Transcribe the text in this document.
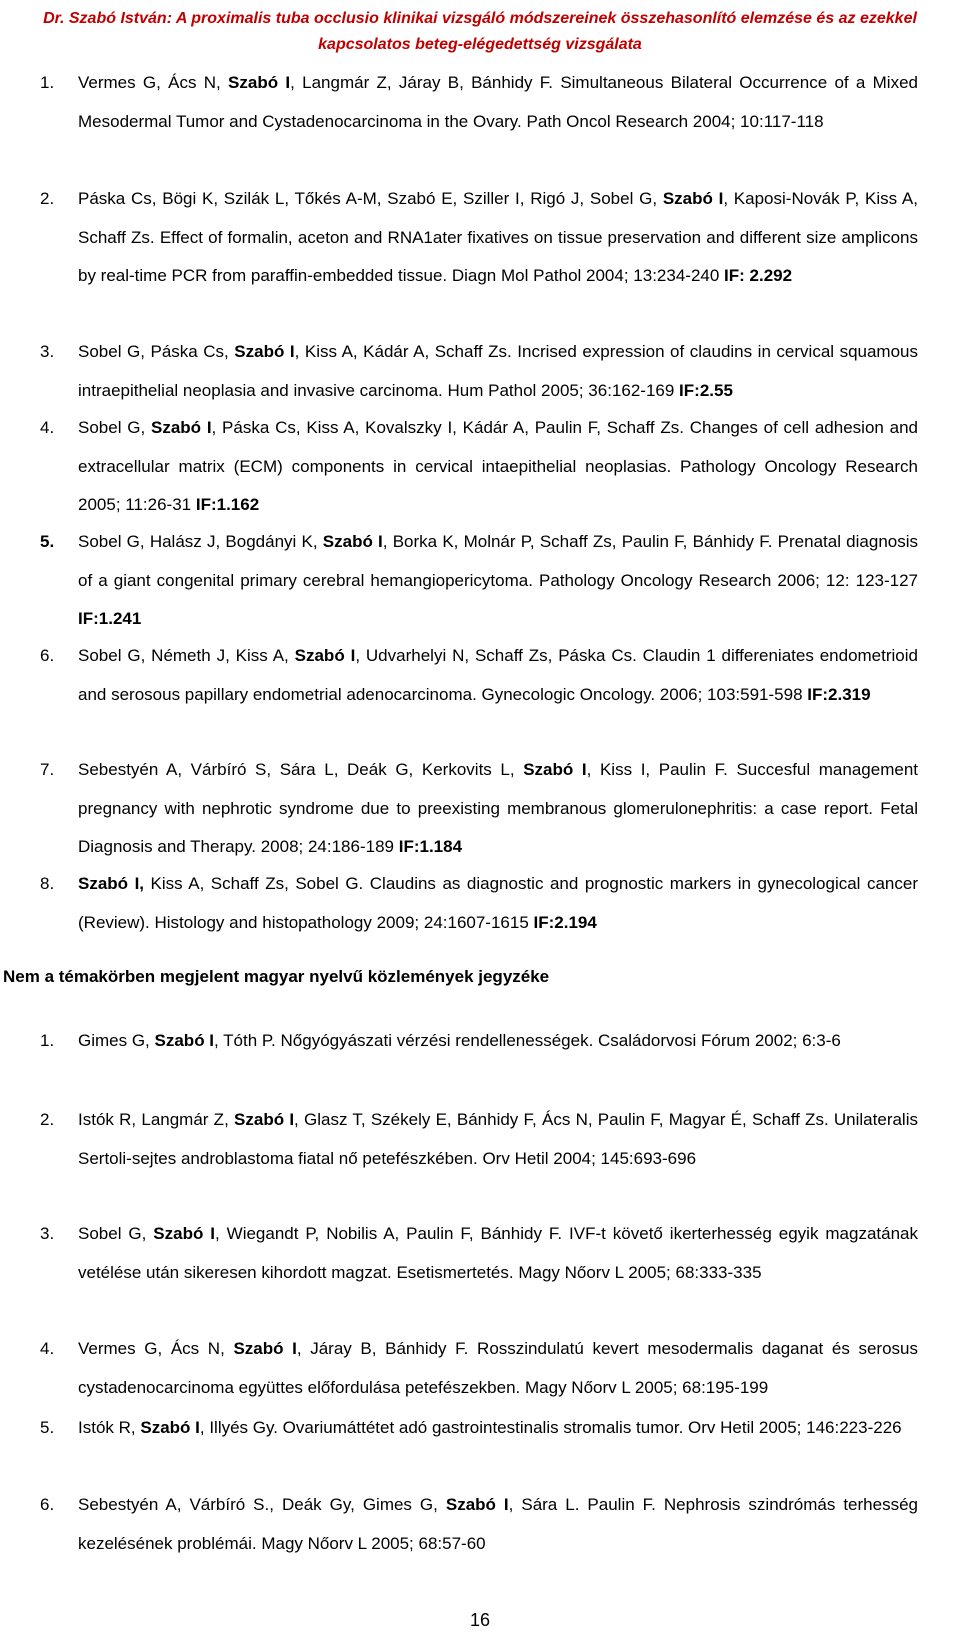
Dr. Szabó István: A proximalis tuba occlusio klinikai vizsgáló módszereinek összehasonlító elemzése és az ezekkel
kapcsolatos beteg-elégedettség vizsgálata
1.	Vermes G, Ács N, Szabó I, Langmár Z, Járay B, Bánhidy F. Simultaneous Bilateral Occurrence of a Mixed Mesodermal Tumor and Cystadenocarcinoma in the Ovary. Path Oncol Research 2004; 10:117-118
2.	Páska Cs, Bögi K, Szilák L, Tőkés A-M, Szabó E, Sziller I, Rigó J, Sobel G, Szabó I, Kaposi-Novák P, Kiss A, Schaff Zs. Effect of formalin, aceton and RNA1ater fixatives on tissue preservation and different size amplicons by real-time PCR from paraffin-embedded tissue. Diagn Mol Pathol 2004; 13:234-240 IF: 2.292
3.	Sobel G, Páska Cs, Szabó I, Kiss A, Kádár A, Schaff Zs. Incrised expression of claudins in cervical squamous intraepithelial neoplasia and invasive carcinoma. Hum Pathol 2005; 36:162-169 IF:2.55
4.	Sobel G, Szabó I, Páska Cs, Kiss A, Kovalszky I, Kádár A, Paulin F, Schaff Zs. Changes of cell adhesion and extracellular matrix (ECM) components in cervical intaepithelial neoplasias. Pathology Oncology Research 2005; 11:26-31 IF:1.162
5.	Sobel G, Halász J, Bogdányi K, Szabó I, Borka K, Molnár P, Schaff Zs, Paulin F, Bánhidy F. Prenatal diagnosis of a giant congenital primary cerebral hemangiopericytoma. Pathology Oncology Research 2006; 12: 123-127 IF:1.241
6.	Sobel G, Németh J, Kiss A, Szabó I, Udvarhelyi N, Schaff Zs, Páska Cs. Claudin 1 differeniates endometrioid and serosous papillary endometrial adenocarcinoma. Gynecologic Oncology. 2006; 103:591-598 IF:2.319
7.	Sebestyén A, Várbíró S, Sára L, Deák G, Kerkovits L, Szabó I, Kiss I, Paulin F. Succesful management pregnancy with nephrotic syndrome due to preexisting membranous glomerulonephritis: a case report. Fetal Diagnosis and Therapy. 2008; 24:186-189 IF:1.184
8.	Szabó I, Kiss A, Schaff Zs, Sobel G. Claudins as diagnostic and prognostic markers in gynecological cancer (Review). Histology and histopathology 2009; 24:1607-1615 IF:2.194
Nem a témakörben megjelent magyar nyelvű közlemények jegyzéke
1.	Gimes G, Szabó I, Tóth P. Nőgyógyászati vérzési rendellenességek. Családorvosi Fórum 2002; 6:3-6
2.	Istók R, Langmár Z, Szabó I, Glasz T, Székely E, Bánhidy F, Ács N, Paulin F, Magyar É, Schaff Zs. Unilateralis Sertoli-sejtes androblastoma fiatal nő petefészkében. Orv Hetil 2004; 145:693-696
3.	Sobel G, Szabó I, Wiegandt P, Nobilis A, Paulin F, Bánhidy F. IVF-t követő ikerterhesség egyik magzatának vetélése után sikeresen kihordott magzat. Esetismertetés. Magy Nőorv L 2005; 68:333-335
4.	Vermes G, Ács N, Szabó I, Járay B, Bánhidy F. Rosszindulatú kevert mesodermalis daganat és serosus cystadenocarcinoma együttes előfordulása petefészekben. Magy Nőorv L 2005; 68:195-199
5.	Istók R, Szabó I, Illyés Gy. Ovariumáttétet adó gastrointestinalis stromalis tumor. Orv Hetil 2005; 146:223-226
6.	Sebestyén A, Várbíró S., Deák Gy, Gimes G, Szabó I, Sára L. Paulin F. Nephrosis szindrómás terhesség kezelésének problémái. Magy Nőorv L 2005; 68:57-60
16
